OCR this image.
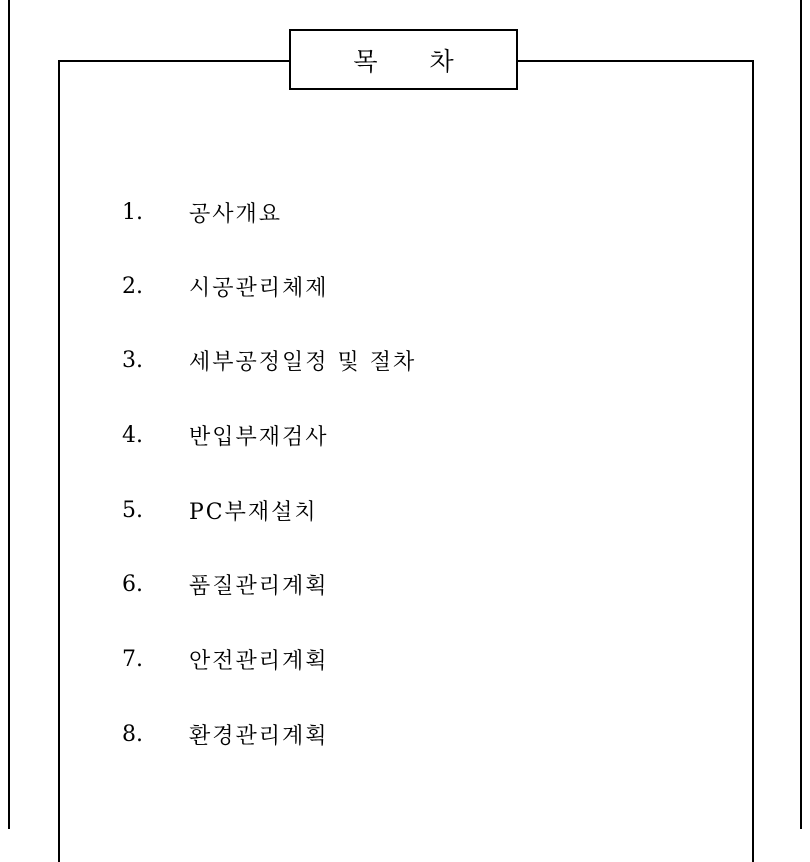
목 차
1.	공사개요
2.	시공관리체제
3.	세부공정일정 및 절차
4.	반입부재검사
5.	PC부재설치
6.	품질관리계획
7.	안전관리계획
8.	환경관리계획
